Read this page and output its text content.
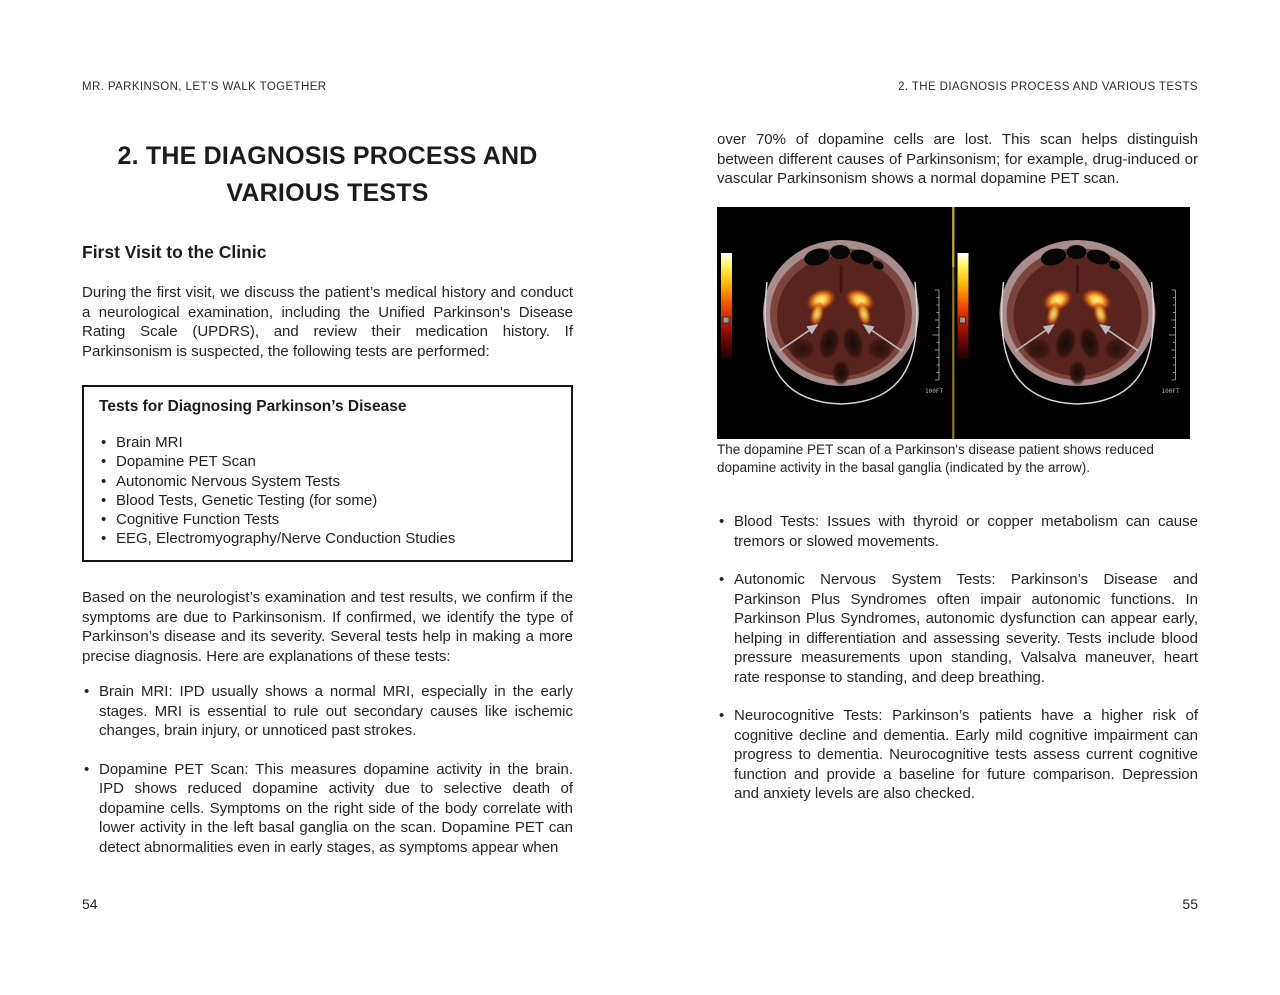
MR. PARKINSON, LET’S WALK TOGETHER	2. THE DIAGNOSIS PROCESS AND VARIOUS TESTS
2. THE DIAGNOSIS PROCESS AND
VARIOUS TESTS
First Visit to the Clinic
During the first visit, we discuss the patient’s medical history and conduct a neurological examination, including the Unified Parkinson's Disease Rating Scale (UPDRS), and review their medication history. If Parkinsonism is suspected, the following tests are performed:
Tests for Diagnosing Parkinson’s Disease
• Brain MRI
• Dopamine PET Scan
• Autonomic Nervous System Tests
• Blood Tests, Genetic Testing (for some)
• Cognitive Function Tests
• EEG, Electromyography/Nerve Conduction Studies
Based on the neurologist’s examination and test results, we confirm if the symptoms are due to Parkinsonism. If confirmed, we identify the type of Parkinson’s disease and its severity. Several tests help in making a more precise diagnosis. Here are explanations of these tests:
• Brain MRI: IPD usually shows a normal MRI, especially in the early stages. MRI is essential to rule out secondary causes like ischemic changes, brain injury, or unnoticed past strokes.
• Dopamine PET Scan: This measures dopamine activity in the brain. IPD shows reduced dopamine activity due to selective death of dopamine cells. Symptoms on the right side of the body correlate with lower activity in the left basal ganglia on the scan. Dopamine PET can detect abnormalities even in early stages, as symptoms appear when
54
over 70% of dopamine cells are lost. This scan helps distinguish between different causes of Parkinsonism; for example, drug-induced or vascular Parkinsonism shows a normal dopamine PET scan.
The dopamine PET scan of a Parkinson's disease patient shows reduced dopamine activity in the basal ganglia (indicated by the arrow).
• Blood Tests: Issues with thyroid or copper metabolism can cause tremors or slowed movements.
• Autonomic Nervous System Tests: Parkinson’s Disease and Parkinson Plus Syndromes often impair autonomic functions. In Parkinson Plus Syndromes, autonomic dysfunction can appear early, helping in differentiation and assessing severity. Tests include blood pressure measurements upon standing, Valsalva maneuver, heart rate response to standing, and deep breathing.
• Neurocognitive Tests: Parkinson’s patients have a higher risk of cognitive decline and dementia. Early mild cognitive impairment can progress to dementia. Neurocognitive tests assess current cognitive function and provide a baseline for future comparison. Depression and anxiety levels are also checked.
55
